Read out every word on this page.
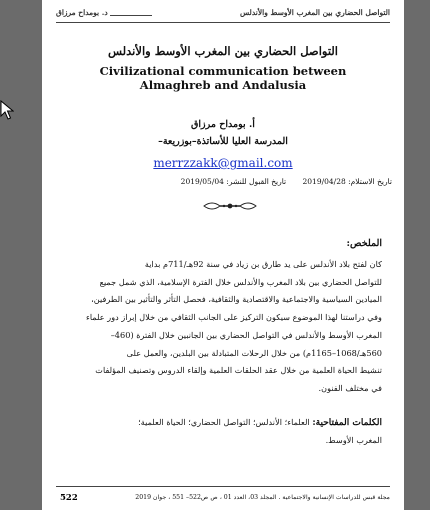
التواصل الحضاري بين المغرب الأوسط والأندلس
د. بومداح مرزاق
التواصل الحضاري بين المغرب الأوسط والأندلس
Civilizational communication between Almaghreb and Andalusia
أ. بومداح مرزاق
المدرسة العليا للأساتذة–بوزريعة–
merrzzakk@gmail.com
تاريخ الاستلام: 2019/04/28 تاريخ القبول للنشر: 2019/05/04
الملخص:
كان لفتح بلاد الأندلس على يد طارق بن زياد في سنة 92هـ/711م بداية
للتواصل الحضاري بين بلاد المغرب والأندلس خلال الفترة الإسلامية، الذي شمل جميع
الميادين السياسية والاجتماعية والاقتصادية والثقافية، فحصل التأثر والتأثير بين الطرفين،
وفي دراستنا لهذا الموضوع سيكون التركيز على الجانب الثقافي من خلال إبراز دور علماء
المغرب الأوسط والأندلس في التواصل الحضاري بين الجانبين خلال الفترة (460–
560هـ/1068–1165م) من خلال الرحلات المتبادلة بين البلدين، والعمل على
تنشيط الحياة العلمية من خلال عقد الحلقات العلمية وإلقاء الدروس وتصنيف المؤلفات
في مختلف الفنون.
الكلمات المفتاحية: العلماء؛ الأندلس؛ التواصل الحضاري؛ الحياة العلمية؛
المغرب الأوسط.
522	مجلة قبس للدراسات الإنسانية والاجتماعية . المجلد 03، العدد 01 ، ص ص522– 551 ، جوان 2019
